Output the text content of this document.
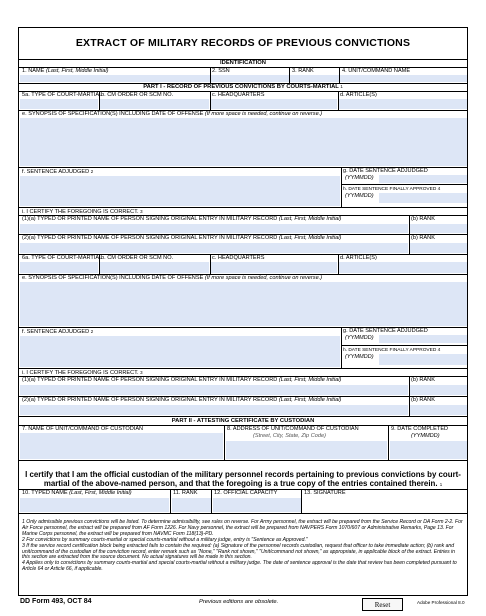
EXTRACT OF MILITARY RECORDS OF PREVIOUS CONVICTIONS
IDENTIFICATION
1. NAME (Last, First, Middle Initial)	2. SSN	3. RANK	4. UNIT/COMMAND NAME
PART I - RECORD OF PREVIOUS CONVICTIONS BY COURTS-MARTIAL 1
5a. TYPE OF COURT-MARTIAL
b. CM ORDER OR SCM NO.	c. HEADQUARTERS	d. ARTICLE(S)
e. SYNOPSIS OF SPECIFICATION(S) INCLUDING DATE OF OFFENSE (If more space is needed, continue on reverse.)
f. SENTENCE ADJUDGED 2	g. DATE SENTENCE ADJUDGED
(YYMMDD)
h. DATE SENTENCE FINALLY APPROVED 4
(YYMMDD)
i. I CERTIFY THE FOREGOING IS CORRECT. 3
(1)(a) TYPED OR PRINTED NAME OF PERSON SIGNING ORIGINAL ENTRY IN MILITARY RECORD (Last, First, Middle Initial)	(b) RANK
(2)(a) TYPED OR PRINTED NAME OF PERSON SIGNING ORIGINAL ENTRY IN MILITARY RECORD (Last, First, Middle Initial)	(b) RANK
6a. TYPE OF COURT-MARTIAL
b. CM ORDER OR SCM NO.	c. HEADQUARTERS	d. ARTICLE(S)
e. SYNOPSIS OF SPECIFICATION(S) INCLUDING DATE OF OFFENSE (If more space is needed, continue on reverse.)
f. SENTENCE ADJUDGED 2	g. DATE SENTENCE ADJUDGED
(YYMMDD)
h. DATE SENTENCE FINALLY APPROVED 4
(YYMMDD)
i. I CERTIFY THE FOREGOING IS CORRECT. 3
(1)(a) TYPED OR PRINTED NAME OF PERSON SIGNING ORIGINAL ENTRY IN MILITARY RECORD (Last, First, Middle Initial)	(b) RANK
(2)(a) TYPED OR PRINTED NAME OF PERSON SIGNING ORIGINAL ENTRY IN MILITARY RECORD (Last, First, Middle Initial)	(b) RANK
PART II - ATTESTING CERTIFICATE BY CUSTODIAN
7. NAME OF UNIT/COMMAND OF CUSTODIAN	8. ADDRESS OF UNIT/COMMAND OF CUSTODIAN
(Street, City, State, Zip Code)
9. DATE COMPLETED
(YYMMDD)
I certify that I am the official custodian of the military personnel records pertaining to previous convictions by court-martial of the above-named person, and that the foregoing is a true copy of the entries contained therein. 1
10. TYPED NAME (Last, First, Middle Initial)	11. RANK	12. OFFICIAL CAPACITY	13. SIGNATURE
1 Only admissible previous convictions will be listed. To determine admissibility, see rules on reverse. For Army personnel, the extract will be prepared from the Service Record or DA Form 2-2. For Air Force personnel, the extract will be prepared from AF Form 1226. For Navy personnel, the extract will be prepared from NAVPERS Form 1070/607 or Administrative Remarks, Page 13. For Marine Corps personnel, the extract will be prepared from NAVMC Form 118(13)-PD.
2 For convictions by summary courts-martial or special courts-martial without a military judge, entry is "Sentence as Approved."
3 If the service record certification block being extracted fails to contain the required: (a) Signature of the personnel records custodian, request that officer to take immediate action; (b) rank and unit/command of the custodian of the conviction record, enter remark such as "None," "Rank not shown," "Unit/command not shown," as appropriate, in applicable block of the extract. Entries in this section are extracted from the source document. No actual signatures will be made in this section.
4 Applies only to convictions by summary courts-martial and special courts-martial without a military judge. The date of sentence approval is the date that review has been completed pursuant to Article 64 or Article 66, if applicable.
DD Form 493, OCT 84	Previous editions are obsolete.	Reset	Adobe Professional 8.0
